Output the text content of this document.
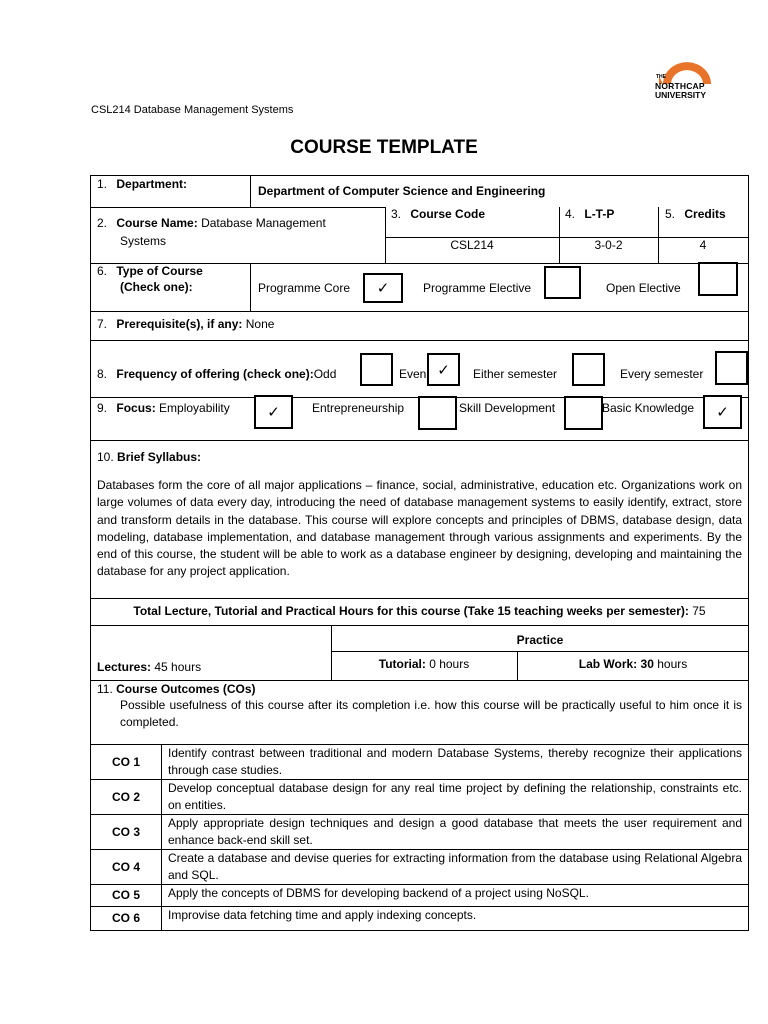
CSL214 Database Management Systems
THE
NORTHCAP
UNIVERSITY
COURSE TEMPLATE
1. Department:	Department of Computer Science and Engineering
2. Course Name: Database Management
Systems
3. Course Code
CSL214
4. L-T-P
3-0-2
5. Credits
4
6. Type of Course
(Check one):	Programme Core	✓	Programme Elective	Open Elective
7. Prerequisite(s), if any: None
8. Frequency of offering (check one):Odd	Even ✓	Either semester	Every semester
9. Focus: Employability	✓	Entrepreneurship	Skill Development	Basic Knowledge	✓
10. Brief Syllabus:
Databases form the core of all major applications – finance, social, administrative, education etc. Organizations work on large volumes of data every day, introducing the need of database management systems to easily identify, extract, store and transform details in the database. This course will explore concepts and principles of DBMS, database design, data modeling, database implementation, and database management through various assignments and experiments. By the end of this course, the student will be able to work as a database engineer by designing, developing and maintaining the database for any project application.
Total Lecture, Tutorial and Practical Hours for this course (Take 15 teaching weeks per semester): 75
Practice
Lectures: 45 hours	Tutorial: 0 hours	Lab Work: 30 hours
11. Course Outcomes (COs)
Possible usefulness of this course after its completion i.e. how this course will be practically useful to him once it is completed.
CO 1
Identify contrast between traditional and modern Database Systems, thereby recognize their applications through case studies.
CO 2
Develop conceptual database design for any real time project by defining the relationship, constraints etc. on entities.
CO 3
Apply appropriate design techniques and design a good database that meets the user requirement and enhance back-end skill set.
CO 4
Create a database and devise queries for extracting information from the database using Relational Algebra and SQL.
CO 5	Apply the concepts of DBMS for developing backend of a project using NoSQL.
CO 6	Improvise data fetching time and apply indexing concepts.
